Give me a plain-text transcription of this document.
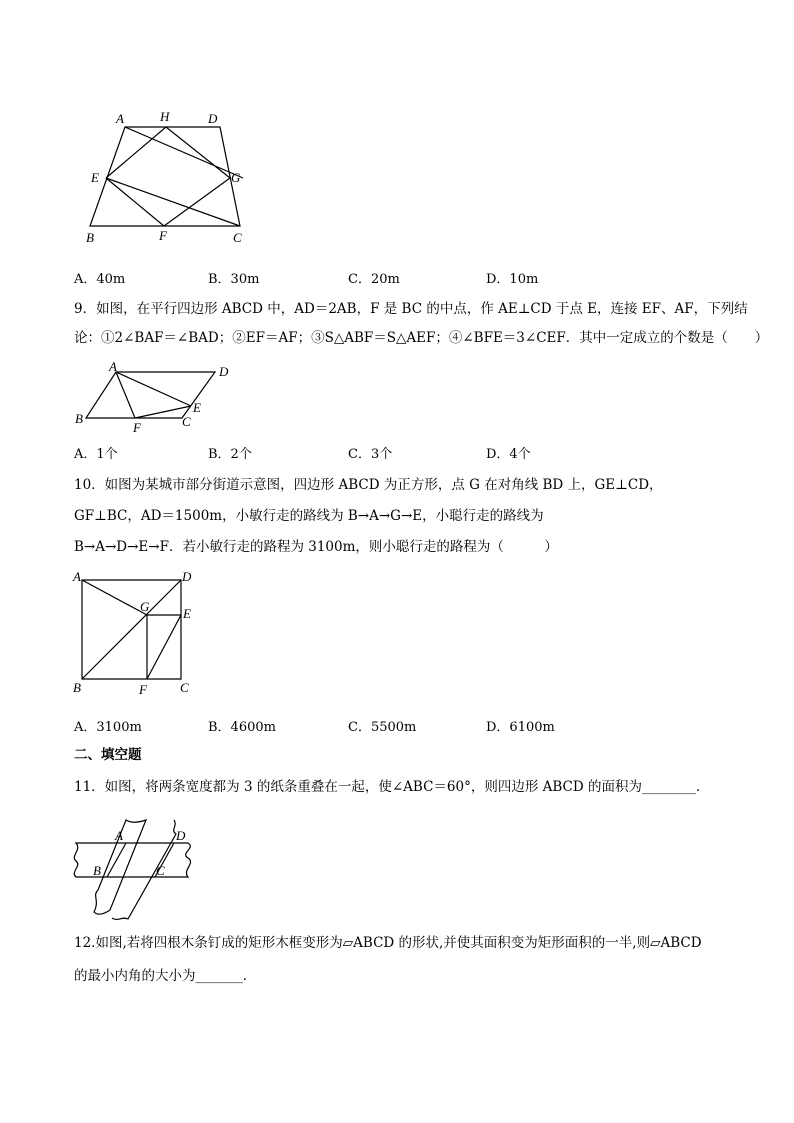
A	H	D
E	G
B	F	C
A．40m	B．30m	C．20m	D．10m
9．如图，在平行四边形 ABCD 中，AD＝2AB，F 是 BC 的中点，作 AE⊥CD 于点 E，连接 EF、AF，下列结
论：①2∠BAF＝∠BAD；②EF＝AF；③S△ABF＝S△AEF；④∠BFE＝3∠CEF．其中一定成立的个数是（　　）
A	D
B
F	C
E
A．1个	B．2个	C．3个	D．4个
10．如图为某城市部分街道示意图，四边形 ABCD 为正方形，点 G 在对角线 BD 上，GE⊥CD，
GF⊥BC，AD＝1500m，小敏行走的路线为 B→A→G→E，小聪行走的路线为
B→A→D→E→F．若小敏行走的路程为 3100m，则小聪行走的路程为（　　　）
A	D
G	E
B	F	C
A．3100m	B．4600m	C．5500m	D．6100m
二、填空题
11．如图，将两条宽度都为 3 的纸条重叠在一起，使∠ABC＝60°，则四边形 ABCD 的面积为________．
A	D
B	C
12.如图,若将四根木条钉成的矩形木框变形为▱ABCD 的形状,并使其面积变为矩形面积的一半,则▱ABCD
的最小内角的大小为_______．
